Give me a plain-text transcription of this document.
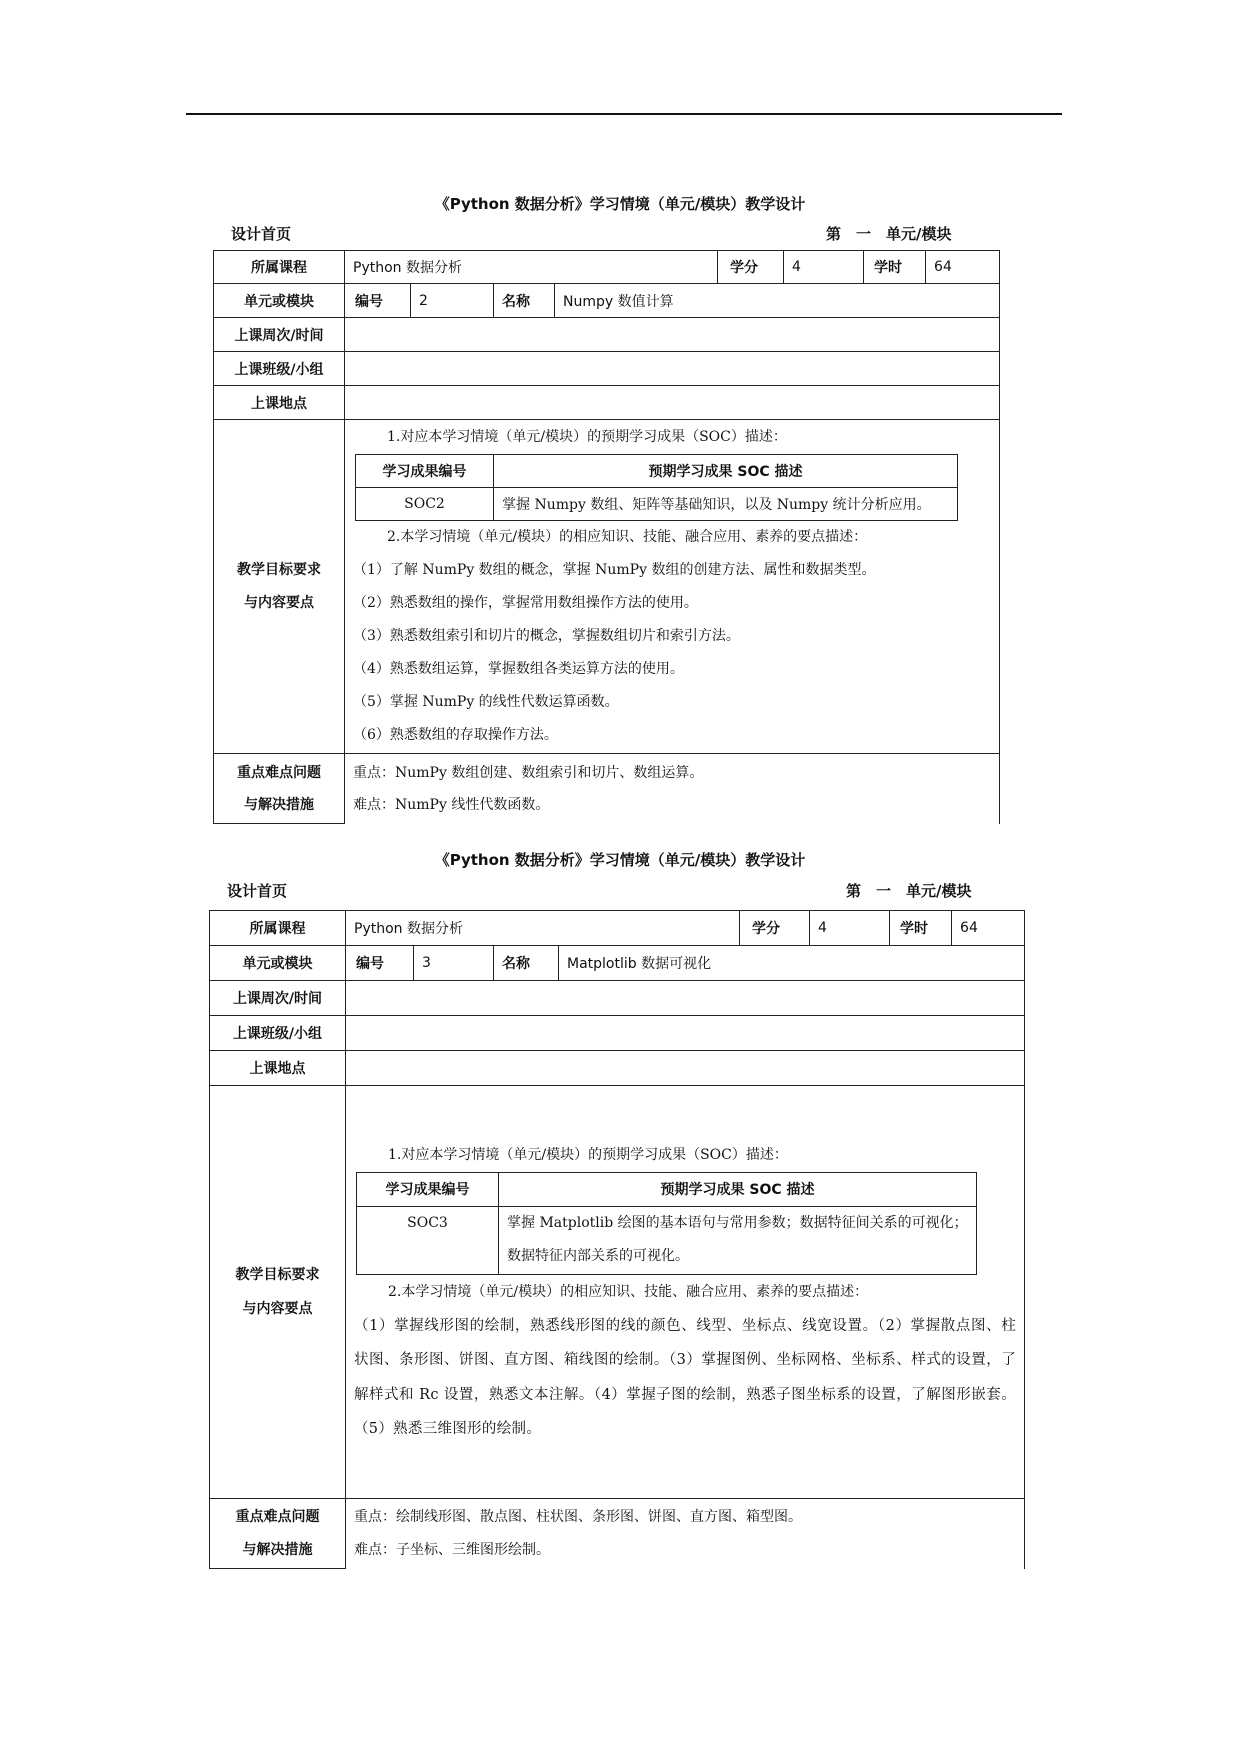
《Python 数据分析》学习情境（单元/模块）教学设计
设计首页	第　一　单元/模块
所属课程	Python 数据分析	学分	4	学时	64
单元或模块	编号	2	名称	Numpy 数值计算
上课周次/时间	
上课班级/小组	
上课地点	

教学目标要求
与内容要点

1.对应本学习情境（单元/模块）的预期学习成果（SOC）描述：
学习成果编号	预期学习成果 SOC 描述
SOC2	掌握 Numpy 数组、矩阵等基础知识，以及 Numpy 统计分析应用。
2.本学习情境（单元/模块）的相应知识、技能、融合应用、素养的要点描述：
（1）了解 NumPy 数组的概念，掌握 NumPy 数组的创建方法、属性和数据类型。
（2）熟悉数组的操作，掌握常用数组操作方法的使用。
（3）熟悉数组索引和切片的概念，掌握数组切片和索引方法。
（4）熟悉数组运算，掌握数组各类运算方法的使用。
（5）掌握 NumPy 的线性代数运算函数。
（6）熟悉数组的存取操作方法。

重点难点问题
与解决措施

重点：NumPy 数组创建、数组索引和切片、数组运算。
难点：NumPy 线性代数函数。
《Python 数据分析》学习情境（单元/模块）教学设计
设计首页	第　一　单元/模块
所属课程	Python 数据分析	学分	4	学时	64
单元或模块	编号	3	名称	Matplotlib 数据可视化
上课周次/时间	
上课班级/小组	
上课地点	

教学目标要求
与内容要点

1.对应本学习情境（单元/模块）的预期学习成果（SOC）描述：
学习成果编号	预期学习成果 SOC 描述
SOC3	掌握 Matplotlib 绘图的基本语句与常用参数；数据特征间关系的可视化；数据特征内部关系的可视化。
2.本学习情境（单元/模块）的相应知识、技能、融合应用、素养的要点描述：
（1）掌握线形图的绘制，熟悉线形图的线的颜色、线型、坐标点、线宽设置。（2）掌握散点图、柱状图、条形图、饼图、直方图、箱线图的绘制。（3）掌握图例、坐标网格、坐标系、样式的设置，了解样式和 Rc 设置，熟悉文本注解。（4）掌握子图的绘制，熟悉子图坐标系的设置，了解图形嵌套。（5）熟悉三维图形的绘制。

重点难点问题
与解决措施

重点：绘制线形图、散点图、柱状图、条形图、饼图、直方图、箱型图。
难点：子坐标、三维图形绘制。
